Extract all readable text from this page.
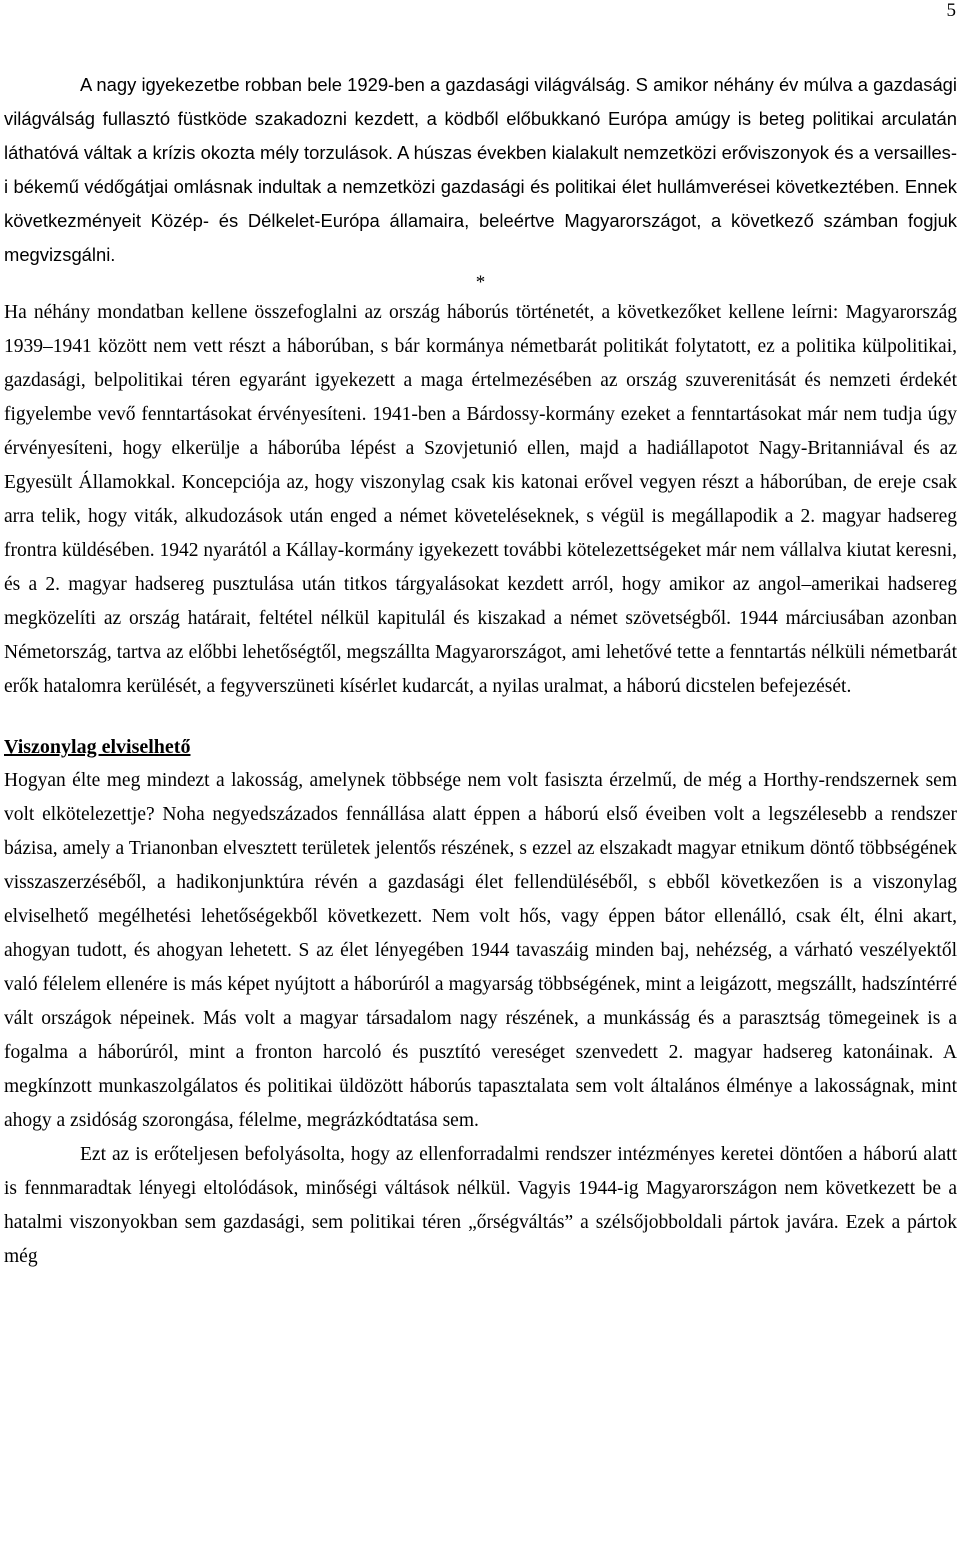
5

A nagy igyekezetbe robban bele 1929-ben a gazdasági világválság. S amikor néhány év múlva a gazdasági világválság fullasztó füstköde szakadozni kezdett, a ködből előbukkanó Európa amúgy is beteg politikai arculatán láthatóvá váltak a krízis okozta mély torzulások. A húszas években kialakult nemzetközi erőviszonyok és a versailles-i békemű védőgátjai omlásnak indultak a nemzetközi gazdasági és politikai élet hullámverései következtében. Ennek következményeit Közép- és Délkelet-Európa államaira, beleértve Magyarországot, a következő számban fogjuk megvizsgálni.

*

Ha néhány mondatban kellene összefoglalni az ország háborús történetét, a következőket kellene leírni: Magyarország 1939–1941 között nem vett részt a háborúban, s bár kormánya németbarát politikát folytatott, ez a politika külpolitikai, gazdasági, belpolitikai téren egyaránt igyekezett a maga értelmezésében az ország szuverenitását és nemzeti érdekét figyelembe vevő fenntartásokat érvényesíteni. 1941-ben a Bárdossy-kormány ezeket a fenntartásokat már nem tudja úgy érvényesíteni, hogy elkerülje a háborúba lépést a Szovjetunió ellen, majd a hadiállapotot Nagy-Britanniával és az Egyesült Államokkal. Koncepciója az, hogy viszonylag csak kis katonai erővel vegyen részt a háborúban, de ereje csak arra telik, hogy viták, alkudozások után enged a német követeléseknek, s végül is megállapodik a 2. magyar hadsereg frontra küldésében. 1942 nyarától a Kállay-kormány igyekezett további kötelezettségeket már nem vállalva kiutat keresni, és a 2. magyar hadsereg pusztulása után titkos tárgyalásokat kezdett arról, hogy amikor az angol–amerikai hadsereg megközelíti az ország határait, feltétel nélkül kapitulál és kiszakad a német szövetségből. 1944 márciusában azonban Németország, tartva az előbbi lehetőségtől, megszállta Magyarországot, ami lehetővé tette a fenntartás nélküli németbarát erők hatalomra kerülését, a fegyverszüneti kísérlet kudarcát, a nyilas uralmat, a háború dicstelen befejezését.

Viszonylag elviselhető

Hogyan élte meg mindezt a lakosság, amelynek többsége nem volt fasiszta érzelmű, de még a Horthy-rendszernek sem volt elkötelezettje? Noha negyedszázados fennállása alatt éppen a háború első éveiben volt a legszélesebb a rendszer bázisa, amely a Trianonban elvesztett területek jelentős részének, s ezzel az elszakadt magyar etnikum döntő többségének visszaszerzéséből, a hadikonjunktúra révén a gazdasági élet fellendüléséből, s ebből következően is a viszonylag elviselhető megélhetési lehetőségekből következett. Nem volt hős, vagy éppen bátor ellenálló, csak élt, élni akart, ahogyan tudott, és ahogyan lehetett. S az élet lényegében 1944 tavaszáig minden baj, nehézség, a várható veszélyektől való félelem ellenére is más képet nyújtott a háborúról a magyarság többségének, mint a leigázott, megszállt, hadszíntérré vált országok népeinek. Más volt a magyar társadalom nagy részének, a munkásság és a parasztság tömegeinek is a fogalma a háborúról, mint a fronton harcoló és pusztító vereséget szenvedett 2. magyar hadsereg katonáinak. A megkínzott munkaszolgálatos és politikai üldözött háborús tapasztalata sem volt általános élménye a lakosságnak, mint ahogy a zsidóság szorongása, félelme, megrázkódtatása sem.

Ezt az is erőteljesen befolyásolta, hogy az ellenforradalmi rendszer intézményes keretei döntően a háború alatt is fennmaradtak lényegi eltolódások, minőségi váltások nélkül. Vagyis 1944-ig Magyarországon nem következett be a hatalmi viszonyokban sem gazdasági, sem politikai téren „őrségváltás” a szélsőjobboldali pártok javára. Ezek a pártok még
